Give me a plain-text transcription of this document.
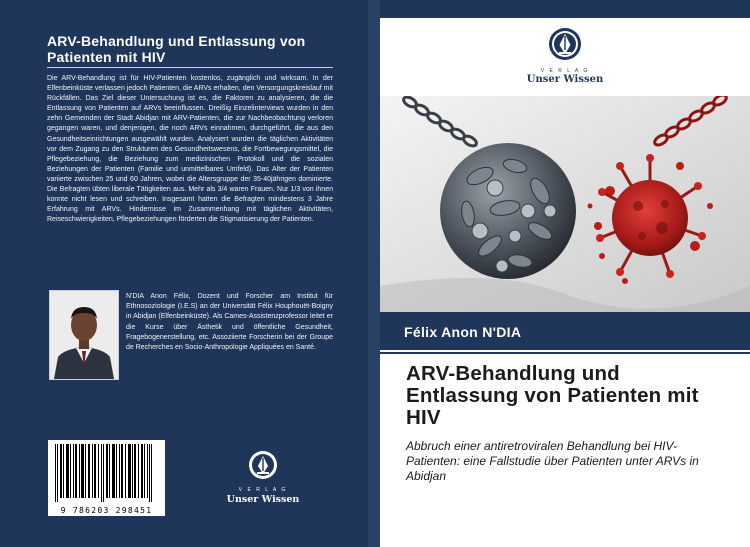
ARV-Behandlung und Entlassung von Patienten mit HIV
Die ARV-Behandlung ist für HIV-Patienten kostenlos, zugänglich und wirksam. In der Elfenbeinküste verlassen jedoch Patienten, die ARVs erhalten, den Versorgungskreislauf mit Rückfällen. Das Ziel dieser Untersuchung ist es, die Faktoren zu analysieren, die die Entlassung von Patienten auf ARVs beeinflussen. Dreißig Einzelinterviews wurden in den zehn Gemeinden der Stadt Abidjan mit ARV-Patienten, die zur Nachbeobachtung verloren gegangen waren, und denjenigen, die noch ARVs einnahmen, durchgeführt, die aus den Gesundheitseinrichtungen ausgewählt wurden. Analysiert wurden die täglichen Aktivitäten vor dem Zugang zu den Strukturen des Gesundheitswesens, die Fortbewegungsmittel, die Pflegebeziehung, die Beziehung zum medizinischen Protokoll und die sozialen Beziehungen der Patienten (Familie und unmittelbares Umfeld). Das Alter der Patienten variierte zwischen 25 und 60 Jahren, wobei die Altersgruppe der 35-40jährigen dominierte. Die Befragten übten liberale Tätigkeiten aus. Mehr als 3/4 waren Frauen. Nur 1/3 von ihnen konnte nicht lesen und schreiben. Insgesamt hatten die Befragten mindestens 3 Jahre Erfahrung mit ARVs. Hindernisse im Zusammenhang mit täglichen Aktivitäten, Reiseschwierigkeiten, Pflegebeziehungen förderten die Stigmatisierung der Patienten.
N'DIA Anon Félix, Dozent und Forscher am Institut für Ethnosoziologie (I.E.S) an der Universität Félix Houphouët-Boigny in Abidjan (Elfenbeinküste). Als Cames-Assistenzprofessor leitet er die Kurse über Ästhetik und öffentliche Gesundheit, Fragebogenerstellung, etc. Assoziierte Forscherin bei der Groupe de Recherches en Socio-Anthropologie Appliquées en Santé.
9 786203 298451
V E R L A G
Unser Wissen
V E R L A G
Unser Wissen
Félix Anon N'DIA
ARV-Behandlung und Entlassung von Patienten mit HIV
Abbruch einer antiretroviralen Behandlung bei HIV-Patienten: eine Fallstudie über Patienten unter ARVs in Abidjan
